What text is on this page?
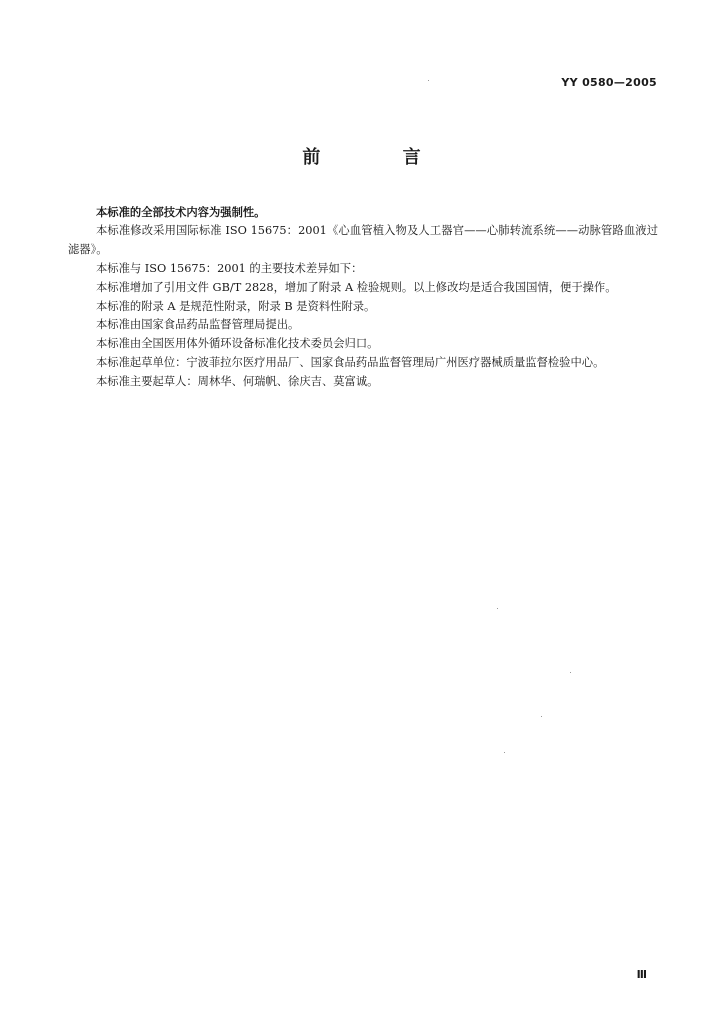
YY 0580—2005
前 言

本标准的全部技术内容为强制性。

本标准修改采用国际标准 ISO 15675：2001《心血管植入物及人工器官——心肺转流系统——动脉管路血液过滤器》。

本标准与 ISO 15675：2001 的主要技术差异如下：

本标准增加了引用文件 GB/T 2828，增加了附录 A 检验规则。以上修改均是适合我国国情，便于操作。

本标准的附录 A 是规范性附录，附录 B 是资料性附录。

本标准由国家食品药品监督管理局提出。

本标准由全国医用体外循环设备标准化技术委员会归口。

本标准起草单位：宁波菲拉尔医疗用品厂、国家食品药品监督管理局广州医疗器械质量监督检验中心。

本标准主要起草人：周林华、何瑞帆、徐庆吉、莫富诚。

Ⅲ
